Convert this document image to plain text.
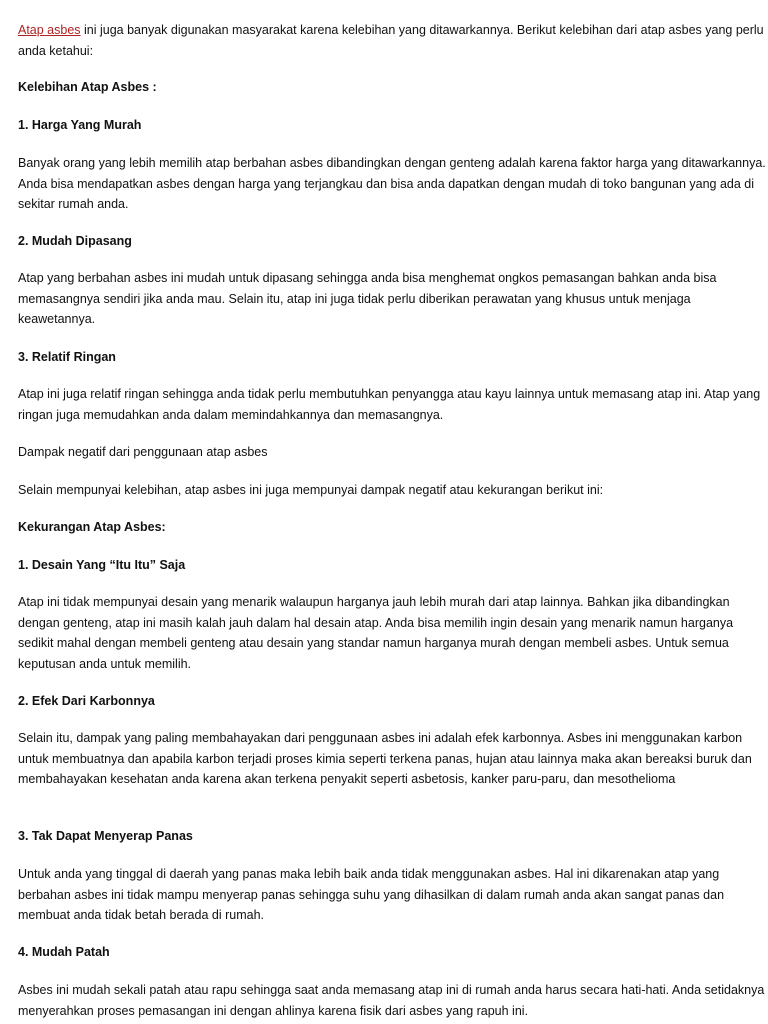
Atap asbes ini juga banyak digunakan masyarakat karena kelebihan yang ditawarkannya. Berikut kelebihan dari atap asbes yang perlu anda ketahui:

Kelebihan Atap Asbes :

1. Harga Yang Murah

Banyak orang yang lebih memilih atap berbahan asbes dibandingkan dengan genteng adalah karena faktor harga yang ditawarkannya. Anda bisa mendapatkan asbes dengan harga yang terjangkau dan bisa anda dapatkan dengan mudah di toko bangunan yang ada di sekitar rumah anda.

2. Mudah Dipasang

Atap yang berbahan asbes ini mudah untuk dipasang sehingga anda bisa menghemat ongkos pemasangan bahkan anda bisa memasangnya sendiri jika anda mau. Selain itu, atap ini juga tidak perlu diberikan perawatan yang khusus untuk menjaga keawetannya.

3. Relatif Ringan

Atap ini juga relatif ringan sehingga anda tidak perlu membutuhkan penyangga atau kayu lainnya untuk memasang atap ini. Atap yang ringan juga memudahkan anda dalam memindahkannya dan memasangnya.

Dampak negatif dari penggunaan atap asbes

Selain mempunyai kelebihan, atap asbes ini juga mempunyai dampak negatif atau kekurangan berikut ini:

Kekurangan Atap Asbes:

1. Desain Yang “Itu Itu” Saja

Atap ini tidak mempunyai desain yang menarik walaupun harganya jauh lebih murah dari atap lainnya. Bahkan jika dibandingkan dengan genteng, atap ini masih kalah jauh dalam hal desain atap. Anda bisa memilih ingin desain yang menarik namun harganya sedikit mahal dengan membeli genteng atau desain yang standar namun harganya murah dengan membeli asbes. Untuk semua keputusan anda untuk memilih.

2. Efek Dari Karbonnya

Selain itu, dampak yang paling membahayakan dari penggunaan asbes ini adalah efek karbonnya. Asbes ini menggunakan karbon untuk membuatnya dan apabila karbon terjadi proses kimia seperti terkena panas, hujan atau lainnya maka akan bereaksi buruk dan membahayakan kesehatan anda karena akan terkena penyakit seperti asbetosis, kanker paru-paru, dan mesothelioma

3. Tak Dapat Menyerap Panas

Untuk anda yang tinggal di daerah yang panas maka lebih baik anda tidak menggunakan asbes. Hal ini dikarenakan atap yang berbahan asbes ini tidak mampu menyerap panas sehingga suhu yang dihasilkan di dalam rumah anda akan sangat panas dan membuat anda tidak betah berada di rumah.

4. Mudah Patah

Asbes ini mudah sekali patah atau rapu sehingga saat anda memasang atap ini di rumah anda harus secara hati-hati. Anda setidaknya menyerahkan proses pemasangan ini dengan ahlinya karena fisik dari asbes yang rapuh ini.
